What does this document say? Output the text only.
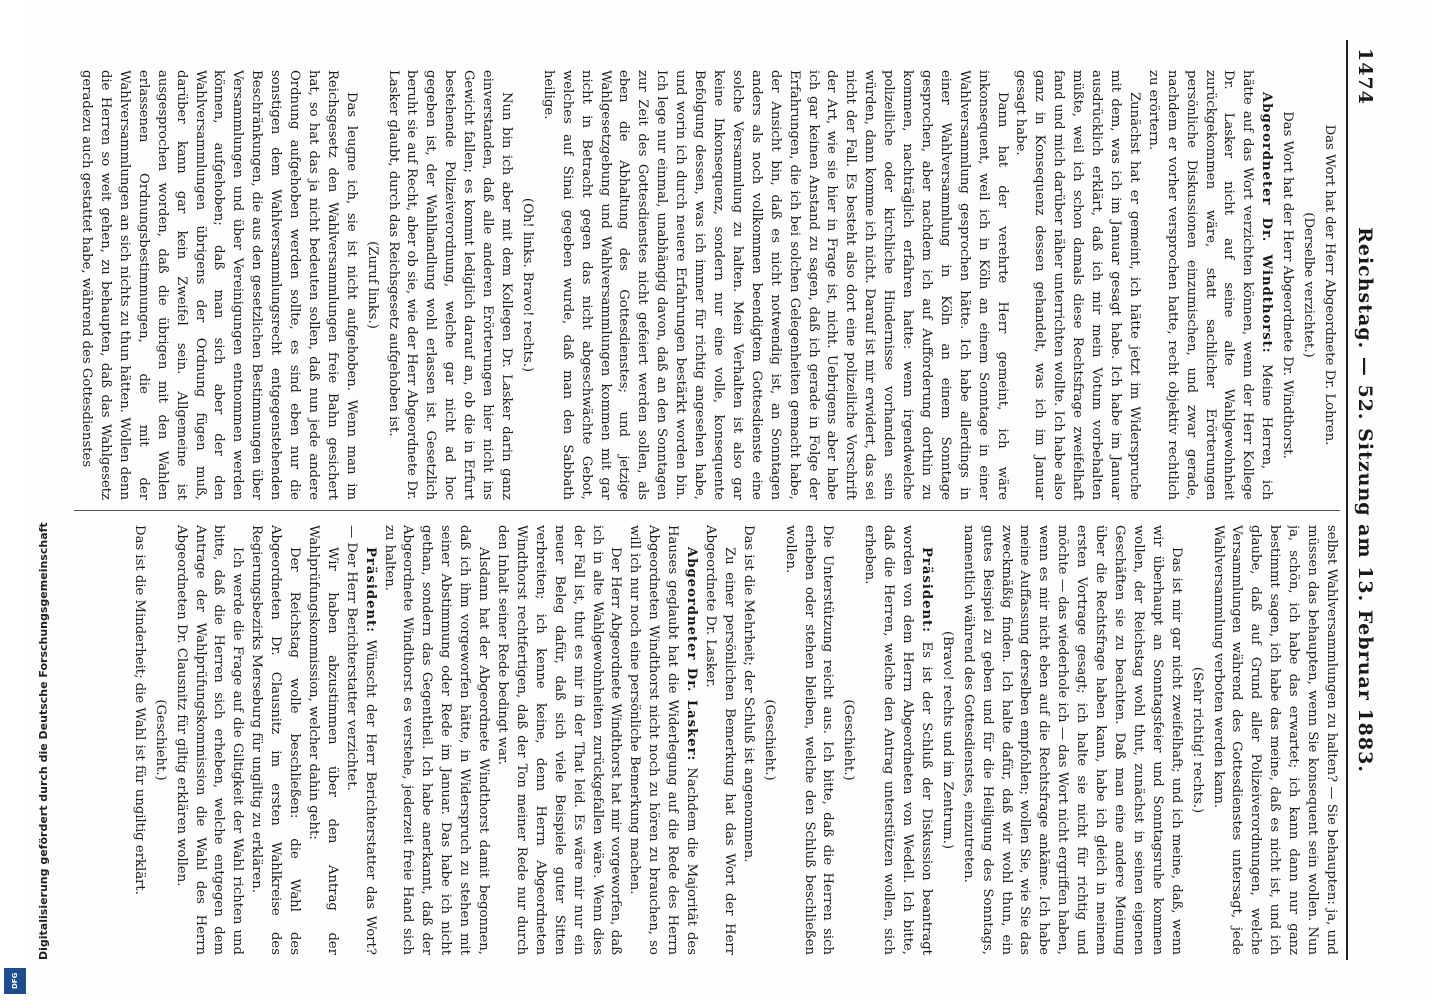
1474
Reichstag. — 52. Sitzung am 13. Februar 1883.

Das Wort hat der Herr Abgeordnete Dr. Lohren.

(Derselbe verzichtet.)

Das Wort hat der Herr Abgeordnete Dr. Windthorst.

Abgeordneter Dr. Windthorst: Meine Herren, ich hätte auf das Wort verzichten können, wenn der Herr Kollege Dr. Lasker nicht auf seine alte Wahlgewohnheit zurückgekommen wäre, statt sachlicher Erörterungen persönliche Diskussionen einzumischen, und zwar gerade, nachdem er vorher versprochen hatte, recht objektiv rechtlich zu erörtern.

Zunächst hat er gemeint, ich hätte jetzt im Widerspruche mit dem, was ich im Januar gesagt habe. Ich habe im Januar ausdrücklich erklärt, daß ich mir mein Votum vorbehalten müßte, weil ich schon damals diese Rechtsfrage zweifelhaft fand und mich darüber näher unterrichten wollte. Ich habe also ganz in Konsequenz dessen gehandelt, was ich im Januar gesagt habe.

Dann hat der verehrte Herr gemeint, ich wäre inkonsequent, weil ich in Köln an einem Sonntage in einer Wahlversammlung gesprochen hätte. Ich habe allerdings in einer Wahlversammlung in Köln an einem Sonntage gesprochen, aber nachdem ich auf Aufforderung dorthin zu kommen, nachträglich erfahren hatte: wenn irgendwelche polizeiliche oder kirchliche Hindernisse vorhanden sein würden, dann komme ich nicht. Darauf ist mir erwidert, das sei nicht der Fall. Es besteht also dort eine polizeiliche Vorschrift der Art, wie sie hier in Frage ist, nicht. Uebrigens aber habe ich gar keinen Anstand zu sagen, daß ich gerade in Folge der Erfahrungen, die ich bei solchen Gelegenheiten gemacht habe, der Ansicht bin, daß es nicht notwendig ist, an Sonntagen anders als noch vollkommen beendigtem Gottesdienste eine solche Versammlung zu halten. Mein Verhalten ist also gar keine Inkonsequenz, sondern nur eine volle, konsequente Befolgung dessen, was ich immer für richtig angesehen habe, und worin ich durch neuere Erfahrungen bestärkt worden bin. Ich lege nur einmal, unabhängig davon, daß an den Sonntagen zur Zeit des Gottesdienstes nicht gefeiert werden sollen, als eben die Abhaltung des Gottesdienstes; und jetzige Wahlgesetzgebung und Wahlversammlungen kommen mit gar nicht in Betracht gegen das nicht abgeschwächte Gebot, welches auf Sinai gegeben wurde, daß man den Sabbath heilige.

(Oh! links. Bravo! rechts.)

Nun bin ich aber mit dem Kollegen Dr. Lasker darin ganz einverstanden, daß alle anderen Erörterungen hier nicht ins Gewicht fallen; es kommt lediglich darauf an, ob die in Erfurt bestehende Polizeiverordnung, welche gar nicht ad hoc gegeben ist, der Wahlhandlung wohl erlassen ist. Gesetzlich beruht sie auf Recht, aber ob sie, wie der Herr Abgeordnete Dr. Lasker glaubt, durch das Reichsgesetz aufgehoben ist.

(Zuruf links.)

Das leugne ich, sie ist nicht aufgehoben. Wenn man im Reichsgesetz den Wahlversammlungen freie Bahn gesichert hat, so hat das ja nicht bedeuten sollen, daß nun jede andere Ordnung aufgehoben werden sollte, es sind eben nur die sonstigen dem Wahlversammlungsrecht entgegenstehenden Beschränkungen, die aus den gesetzlichen Bestimmungen über Versammlungen und über Vereinigungen entnommen werden können, aufgehoben; daß man sich aber der den Wahlversammlungen übrigens der Ordnung fügen muß, darüber kann gar kein Zweifel sein. Allgemeine ist ausgesprochen worden, daß die übrigen mit den Wahlen erlassenen Ordnungsbestimmungen, die mit der Wahlversammlungen an sich nichts zu thun hätten. Wollen denn die Herren so weit gehen, zu behaupten, daß das Wahlgesetz geradezu auch gestattet habe, während des Gottesdienstes

selbst Wahlversammlungen zu halten? — Sie behaupten: ja, und müssen das behaupten, wenn Sie konsequent sein wollen. Nun ja, schön, ich habe das erwartet; ich kann dann nur ganz bestimmt sagen, ich habe das meine, daß es nicht ist, und ich glaube, daß auf Grund aller Polizeiverordnungen, welche Versammlungen während des Gottesdienstes untersagt, jede Wahlversammlung verboten werden kann.

(Sehr richtig! rechts.)

Das ist mir gar nicht zweifelhaft; und ich meine, daß, wenn wir überhaupt an Sonntagsfeier und Sonntagsruhe kommen wollen, der Reichstag wohl thut, zunächst in seinen eigenen Geschäften sie zu beachten. Daß man eine andere Meinung über die Rechtsfrage haben kann, habe ich gleich in meinem ersten Vortrage gesagt; ich halte sie nicht für richtig und möchte — das wiederhole ich — das Wort nicht ergriffen haben, wenn es mir nicht eben auf die Rechtsfrage ankäme. Ich habe meine Auffassung derselben empfohlen; wollen Sie, wie Sie das zweckmäßig finden. Ich halte dafür, daß wir wohl thun, ein gutes Beispiel zu geben und für die Heiligung des Sonntags, namentlich während des Gottesdienstes, einzutreten.

(Bravo! rechts und im Zentrum.)

Präsident: Es ist der Schluß der Diskussion beantragt worden von dem Herrn Abgeordneten von Wedell. Ich bitte, daß die Herren, welche den Antrag unterstützen wollen, sich erheben.

(Geschieht.)

Die Unterstützung reicht aus. Ich bitte, daß die Herren sich erheben oder stehen bleiben, welche den Schluß beschließen wollen.

(Geschieht.)

Das ist die Mehrheit; der Schluß ist angenommen.

Zu einer persönlichen Bemerkung hat das Wort der Herr Abgeordnete Dr. Lasker.

Abgeordneter Dr. Lasker: Nachdem die Majorität des Hauses geglaubt hat die Widerlegung auf die Rede des Herrn Abgeordneten Windthorst nicht noch zu hören zu brauchen, so will ich nur noch eine persönliche Bemerkung machen.

Der Herr Abgeordnete Windthorst hat mir vorgeworfen, daß ich in alte Wahlgewohnheiten zurückgefallen wäre. Wenn dies der Fall ist, thut es mir in der That leid. Es wäre mir nur ein neuer Beleg dafür, daß sich viele Beispiele guter Sitten verbreiten; ich kenne keine, denn Herrn Abgeordneten Windthorst rechtfertigen, daß der Ton meiner Rede nur durch den Inhalt seiner Rede bedingt war.

Alsdann hat der Abgeordnete Windthorst damit begonnen, daß ich ihm vorgeworfen hätte, in Widerspruch zu stehen mit seiner Abstimmung oder Rede im Januar. Das habe ich nicht gethan, sondern das Gegentheil. Ich habe anerkannt, daß der Abgeordnete Windthorst es verstehe, jederzeit freie Hand sich zu halten.

Präsident: Wünscht der Herr Berichterstatter das Wort? — Der Herr Berichterstatter verzichtet.

Wir haben abzustimmen über den Antrag der Wahlprüfungskommission, welcher dahin geht:

Der Reichstag wolle beschließen: die Wahl des Abgeordneten Dr. Clausnitz im ersten Wahlkreise des Regierungsbezirks Merseburg für ungiltig zu erklären.

Ich werde die Frage auf die Giltigkeit der Wahl richten und bitte, daß die Herren sich erheben, welche entgegen dem Antrage der Wahlprüfungskommission die Wahl des Herrn Abgeordneten Dr. Clausnitz für giltig erklären wollen.

(Geschieht.)

Das ist die Minderheit; die Wahl ist für ungiltig erklärt.

Digitalisierung gefördert durch die Deutsche Forschungsgemeinschaft
DFG
